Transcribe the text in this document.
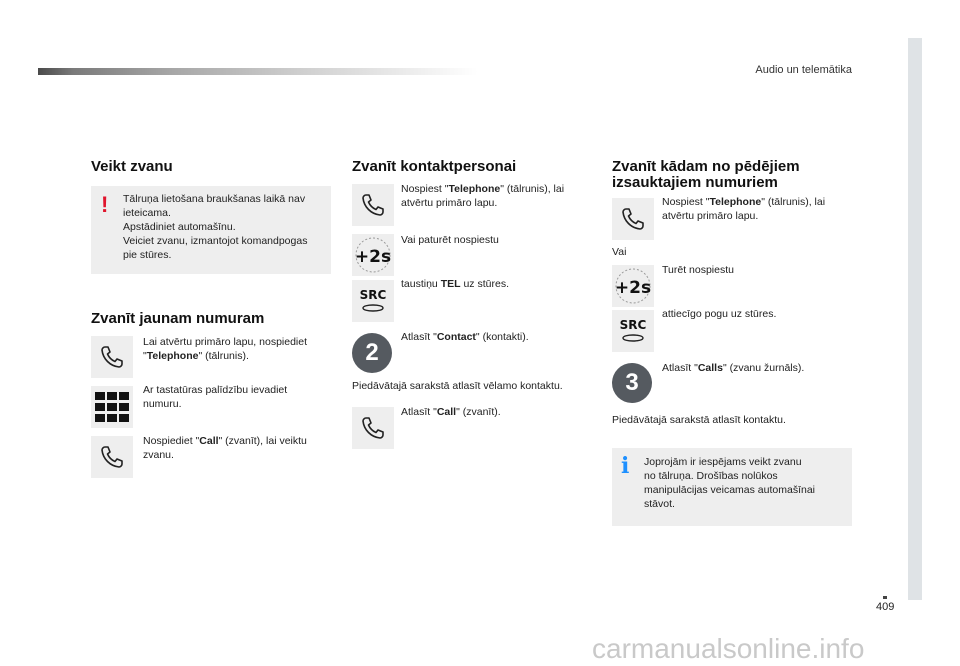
Audio un telemātika
409
carmanualsonline.info
Veikt zvanu
! Tālruņa lietošana braukšanas laikā nav
ieteicama.
Apstādiniet automašīnu.
Veiciet zvanu, izmantojot komandpogas
pie stūres.
Zvanīt jaunam numuram
Lai atvērtu primāro lapu, nospiediet
"Telephone" (tālrunis).
Ar tastatūras palīdzību ievadiet
numuru.
Nospiediet "Call" (zvanīt), lai veiktu
zvanu.
Zvanīt kontaktpersonai
Nospiest "Telephone" (tālrunis), lai
atvērtu primāro lapu.
+2s
Vai paturēt nospiestu
SRC
taustiņu TEL uz stūres.
2
Atlasīt "Contact" (kontakti).
Piedāvātajā sarakstā atlasīt vēlamo kontaktu.
Atlasīt "Call" (zvanīt).
Zvanīt kādam no pēdējiem
izsauktajiem numuriem
Nospiest "Telephone" (tālrunis), lai
atvērtu primāro lapu.
Vai
+2s
Turēt nospiestu
SRC
attiecīgo pogu uz stūres.
3
Atlasīt "Calls" (zvanu žurnāls).
Piedāvātajā sarakstā atlasīt kontaktu.
i Joprojām ir iespējams veikt zvanu
no tālruņa. Drošības nolūkos
manipulācijas veicamas automašīnai
stāvot.
